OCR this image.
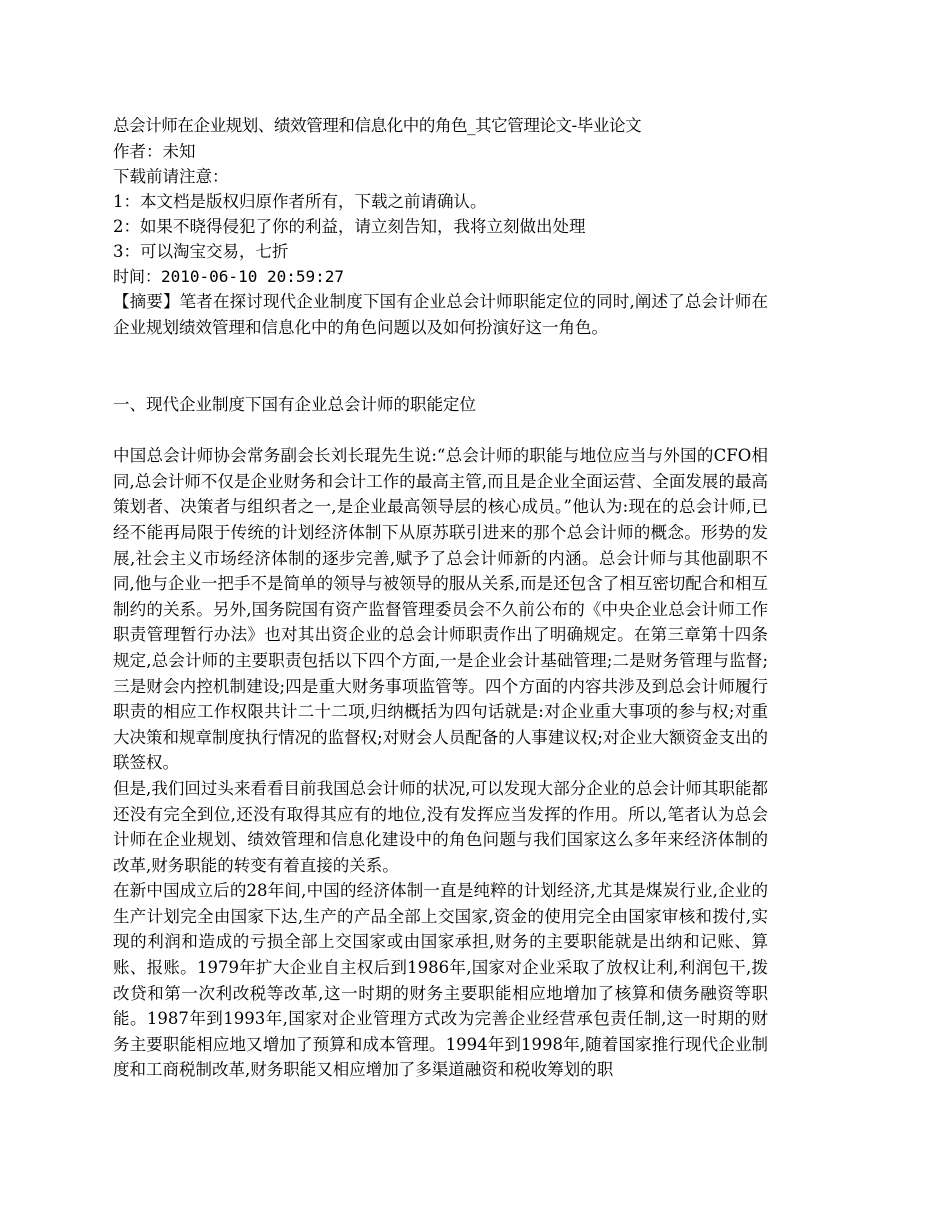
总会计师在企业规划、绩效管理和信息化中的角色_其它管理论文-毕业论文
作者：未知
下载前请注意：
1：本文档是版权归原作者所有，下载之前请确认。
2：如果不晓得侵犯了你的利益，请立刻告知，我将立刻做出处理
3：可以淘宝交易，七折
时间：2010-06-10 20:59:27

【摘要】笔者在探讨现代企业制度下国有企业总会计师职能定位的同时,阐述了总会计师在企业规划绩效管理和信息化中的角色问题以及如何扮演好这一角色。

一、现代企业制度下国有企业总会计师的职能定位

中国总会计师协会常务副会长刘长琨先生说:“总会计师的职能与地位应当与外国的CFO相同,总会计师不仅是企业财务和会计工作的最高主管,而且是企业全面运营、全面发展的最高策划者、决策者与组织者之一,是企业最高领导层的核心成员。”他认为:现在的总会计师,已经不能再局限于传统的计划经济体制下从原苏联引进来的那个总会计师的概念。形势的发展,社会主义市场经济体制的逐步完善,赋予了总会计师新的内涵。总会计师与其他副职不同,他与企业一把手不是简单的领导与被领导的服从关系,而是还包含了相互密切配合和相互制约的关系。另外,国务院国有资产监督管理委员会不久前公布的《中央企业总会计师工作职责管理暂行办法》也对其出资企业的总会计师职责作出了明确规定。在第三章第十四条规定,总会计师的主要职责包括以下四个方面,一是企业会计基础管理;二是财务管理与监督;三是财会内控机制建设;四是重大财务事项监管等。四个方面的内容共涉及到总会计师履行职责的相应工作权限共计二十二项,归纳概括为四句话就是:对企业重大事项的参与权;对重大决策和规章制度执行情况的监督权;对财会人员配备的人事建议权;对企业大额资金支出的联签权。

但是,我们回过头来看看目前我国总会计师的状况,可以发现大部分企业的总会计师其职能都还没有完全到位,还没有取得其应有的地位,没有发挥应当发挥的作用。所以,笔者认为总会计师在企业规划、绩效管理和信息化建设中的角色问题与我们国家这么多年来经济体制的改革,财务职能的转变有着直接的关系。

在新中国成立后的28年间,中国的经济体制一直是纯粹的计划经济,尤其是煤炭行业,企业的生产计划完全由国家下达,生产的产品全部上交国家,资金的使用完全由国家审核和拨付,实现的利润和造成的亏损全部上交国家或由国家承担,财务的主要职能就是出纳和记账、算账、报账。1979年扩大企业自主权后到1986年,国家对企业采取了放权让利,利润包干,拨改贷和第一次利改税等改革,这一时期的财务主要职能相应地增加了核算和债务融资等职能。1987年到1993年,国家对企业管理方式改为完善企业经营承包责任制,这一时期的财务主要职能相应地又增加了预算和成本管理。1994年到1998年,随着国家推行现代企业制度和工商税制改革,财务职能又相应增加了多渠道融资和税收筹划的职
